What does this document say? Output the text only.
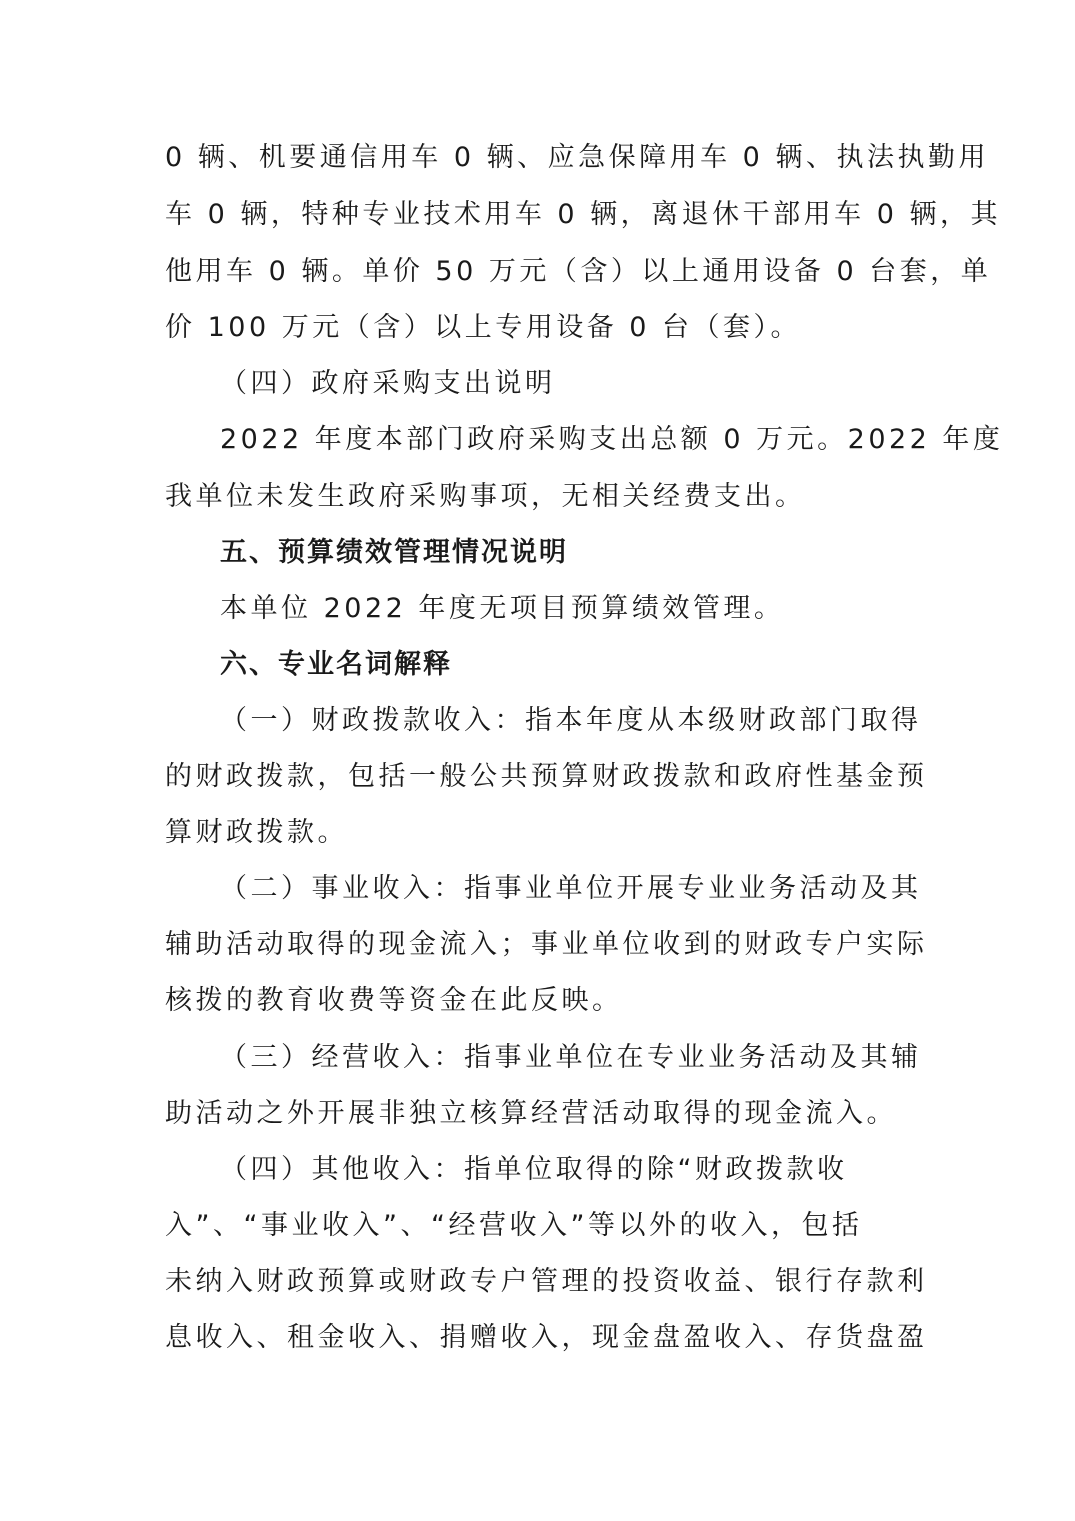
0 辆、机要通信用车 0 辆、应急保障用车 0 辆、执法执勤用
车 0 辆，特种专业技术用车 0 辆，离退休干部用车 0 辆，其
他用车 0 辆。单价 50 万元（含）以上通用设备 0 台套，单
价 100 万元（含）以上专用设备 0 台（套）。
（四）政府采购支出说明
2022 年度本部门政府采购支出总额 0 万元。2022 年度
我单位未发生政府采购事项，无相关经费支出。
五、预算绩效管理情况说明
本单位 2022 年度无项目预算绩效管理。
六、专业名词解释
（一）财政拨款收入：指本年度从本级财政部门取得
的财政拨款，包括一般公共预算财政拨款和政府性基金预
算财政拨款。
（二）事业收入：指事业单位开展专业业务活动及其
辅助活动取得的现金流入；事业单位收到的财政专户实际
核拨的教育收费等资金在此反映。
（三）经营收入：指事业单位在专业业务活动及其辅
助活动之外开展非独立核算经营活动取得的现金流入。
（四）其他收入：指单位取得的除“财政拨款收
入”、“事业收入”、“经营收入”等以外的收入，包括
未纳入财政预算或财政专户管理的投资收益、银行存款利
息收入、租金收入、捐赠收入，现金盘盈收入、存货盘盈
